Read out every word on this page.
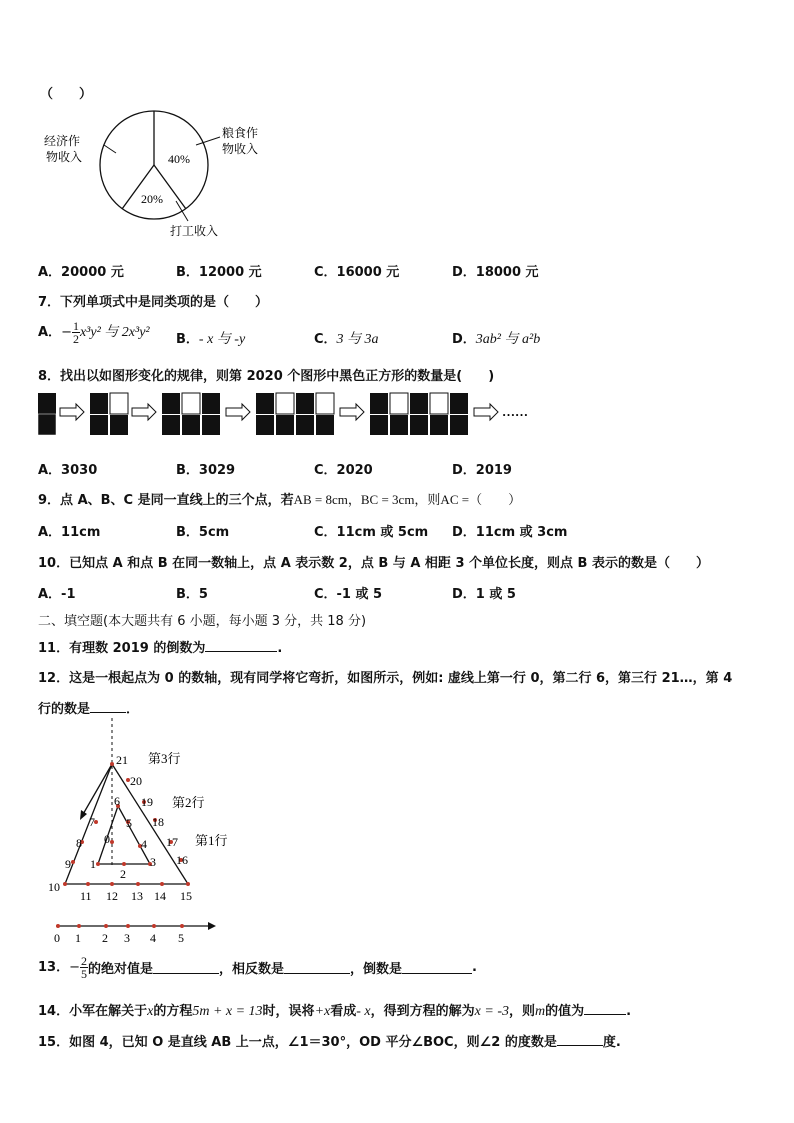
（　　）
40%
20%
经济作
物收入
粮食作
物收入
打工收入
A．20000 元	B．12000 元	C．16000 元	D．18000 元
7．下列单项式中是同类项的是（　　）
A．− $\frac{1}{2} x^3y^2$ 与 2x³y² B．- x 与 -y	C．3 与 3a	D．3ab² 与 a²b
8．找出以如图形变化的规律，则第 2020 个图形中黑色正方形的数量是(　　)
……
A．3030	B．3029	C．2020	D．2019
9．点 A、B、C 是同一直线上的三个点，若AB = 8cm，BC = 3cm，则AC =（　　）
A．11cm	B．5cm	C．11cm 或 5cm D．11cm 或 3cm
10．已知点 A 和点 B 在同一数轴上，点 A 表示数 2，点 B 与 A 相距 3 个单位长度，则点 B 表示的数是（　　）
A．-1	B．5	C．-1 或 5	D．1 或 5
二、填空题(本大题共有 6 小题，每小题 3 分，共 18 分)
11．有理数 2019 的倒数为	.
12．这是一根起点为 0 的数轴，现有同学将它弯折，如图所示，例如: 虚线上第一行 0，第二行 6，第三行 21…，第 4
行的数是	．
21
20
19
18
17
16
15
14
13
12
11
10
9
8
7
6
5
4
3
2
1
0
第3行
第2行
第1行
0 1 2 3 4 5
13．− $\frac{2}{5}$ 的绝对值是	，相反数是	，倒数是	.
14．小军在解关于x的方程5m + x = 13时，误将+x看成- x，得到方程的解为x = -3，则m的值为	.
15．如图 4，已知 O 是直线 AB 上一点，∠1＝30°，OD 平分∠BOC，则∠2 的度数是	度.
